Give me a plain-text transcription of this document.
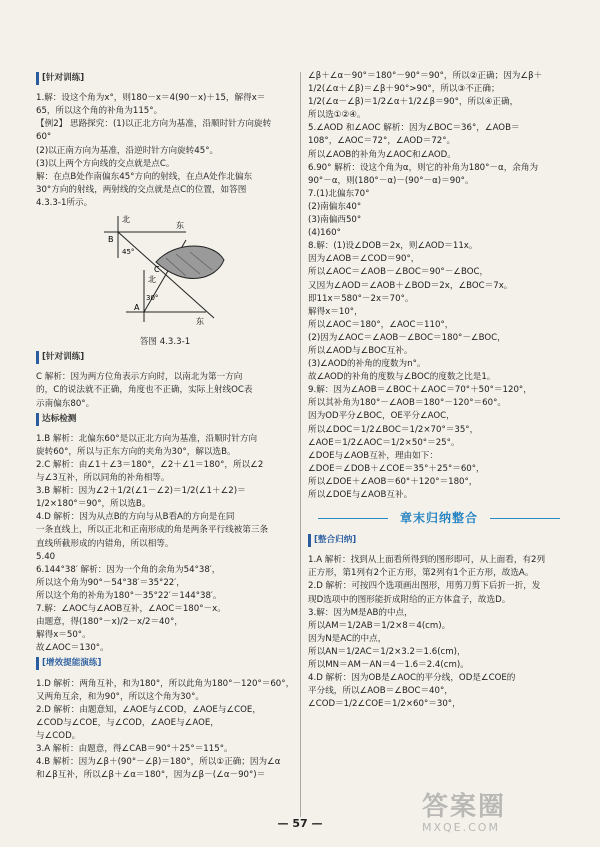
[针对训练]
1.解：设这个角为x°，则180－x＝4(90－x)＋15，解得x＝
65，所以这个角的补角为115°。
【例2】 思路探究：(1)以正北方向为基准，沿顺时针方向旋转
60°
(2)以正南方向为基准，沿逆时针方向旋转45°。
(3)以上两个方向线的交点就是点C。
解：在点B处作南偏东45°方向的射线，在点A处作北偏东
30°方向的射线，两射线的交点就是点C的位置，如答图
4.3.3-1所示。
北
东
B
45°
北
30°
A
C
东
答图 4.3.3-1
[针对训练]
C 解析：因为两方位角表示方向时，以南北为第一方向
的，C的说法就不正确，角度也不正确，实际上射线OC表
示南偏东80°。
达标检测
1.B 解析：北偏东60°是以正北方向为基准，沿顺时针方向
旋转60°，所以与正东方向的夹角为30°，解以选B。
2.C 解析：由∠1＋∠3＝180°，∠2＋∠1＝180°，所以∠2
与∠3互补，所以同角的补角相等。
3.B 解析：因为∠2＋1/2(∠1－∠2)＝1/2(∠1＋∠2)＝
1/2×180°＝90°，所以选B。
4.D 解析：因为从点B的方向与从B看A的方向是在同
一条直线上，所以正北和正南形成的角是两条平行线被第三条
直线所截形成的内错角，所以相等。
5.40
6.144°38′ 解析：因为一个角的余角为54°38′，
所以这个角为90°－54°38′＝35°22′，
所以这个角的补角为180°－35°22′＝144°38′。
7.解：∠AOC与∠AOB互补，∠AOC＝180°－x。
由题意，得(180°－x)/2－x/2＝40°，
解得x＝50°。
故∠AOC＝130°。
[增效提能演练]
1.D 解析：两角互补，和为180°，所以此角为180°－120°＝60°，
又两角互余，和为90°，所以这个角为30°。
2.D 解析：由题意知，∠AOE与∠COD，∠AOE与∠COE，
∠COD与∠COE，与∠COD，∠AOE与∠AOE，
与∠COD。
3.A 解析：由题意，得∠CAB＝90°＋25°＝115°。
4.B 解析：因为∠β＋(90°－∠β)＝180°，所以①正确；因为∠α
和∠β互补，所以∠β＋∠α＝180°，因为∠β－(∠α－90°)＝
∠β＋∠α－90°＝180°－90°＝90°，所以②正确；因为∠β＋
1/2(∠α＋∠β)＝∠β＋90°>90°，所以③不正确；
1/2(∠α－∠β)＝1/2∠α＋1/2∠β＝90°，所以④正确，
所以选①②④。
5.∠AOD 和∠AOC 解析：因为∠BOC＝36°，∠AOB＝
108°，∠AOC＝72°，∠AOD＝72°。
所以∠AOB的补角为∠AOC和∠AOD。
6.90° 解析：设这个角为α，则它的补角为180°－α，余角为
90°－α，则(180°－α)－(90°－α)＝90°。
7.(1)北偏东70°
(2)南偏东40°
(3)南偏西50°
(4)160°
8.解：(1)设∠DOB＝2x，则∠AOD＝11x。
因为∠AOB＝∠COD＝90°，
所以∠AOC＝∠AOB－∠BOC＝90°－∠BOC，
又因为∠AOD＝∠AOB＋∠BOD＝2x，∠BOC＝7x。
即11x＝580°－2x＝70°。
解得x＝10°，
所以∠AOC＝180°，∠AOC＝110°，
(2)因为∠AOC＝∠AOB－∠BOC＝180°－∠BOC，
所以∠AOD与∠BOC互补。
(3)∠AOD的补角的度数为n°。
故∠AOD的补角的度数与∠BOC的度数之比是1。
9.解：因为∠AOB＝∠BOC＋∠AOC＝70°＋50°＝120°，
所以其补角为180°－∠AOB＝180°－120°＝60°。
因为OD平分∠BOC，OE平分∠AOC，
所以∠DOC＝1/2∠BOC＝1/2×70°＝35°，
∠AOE＝1/2∠AOC＝1/2×50°＝25°。
∠DOE与∠AOB互补，理由如下：
∠DOE＝∠DOB＋∠COE＝35°＋25°＝60°，
所以∠DOE＋∠AOB＝60°＋120°＝180°，
所以∠DOE与∠AOB互补。
章末归纳整合
[整合归纳]
1.A 解析：找到从上面看所得到的图形即可，从上面看，有2列
正方形，第1列有2个正方形，第2列有1个正方形，故选A。
2.D 解析：可按四个选项画出图形，用剪刀剪下后折一折，发
现D选项中的图形能折成附给的正方体盒子，故选D。
3.解：因为M是AB的中点，
所以AM＝1/2AB＝1/2×8＝4(cm)。
因为N是AC的中点，
所以AN＝1/2AC＝1/2×3.2＝1.6(cm)，
所以MN＝AM－AN＝4－1.6＝2.4(cm)。
4.D 解析：因为OB是∠AOC的平分线，OD是∠COE的
平分线，所以∠AOB＝∠BOC＝40°，
∠COD＝1/2∠COE＝1/2×60°＝30°，
— 57 —
答案圈
MXQE.COM
